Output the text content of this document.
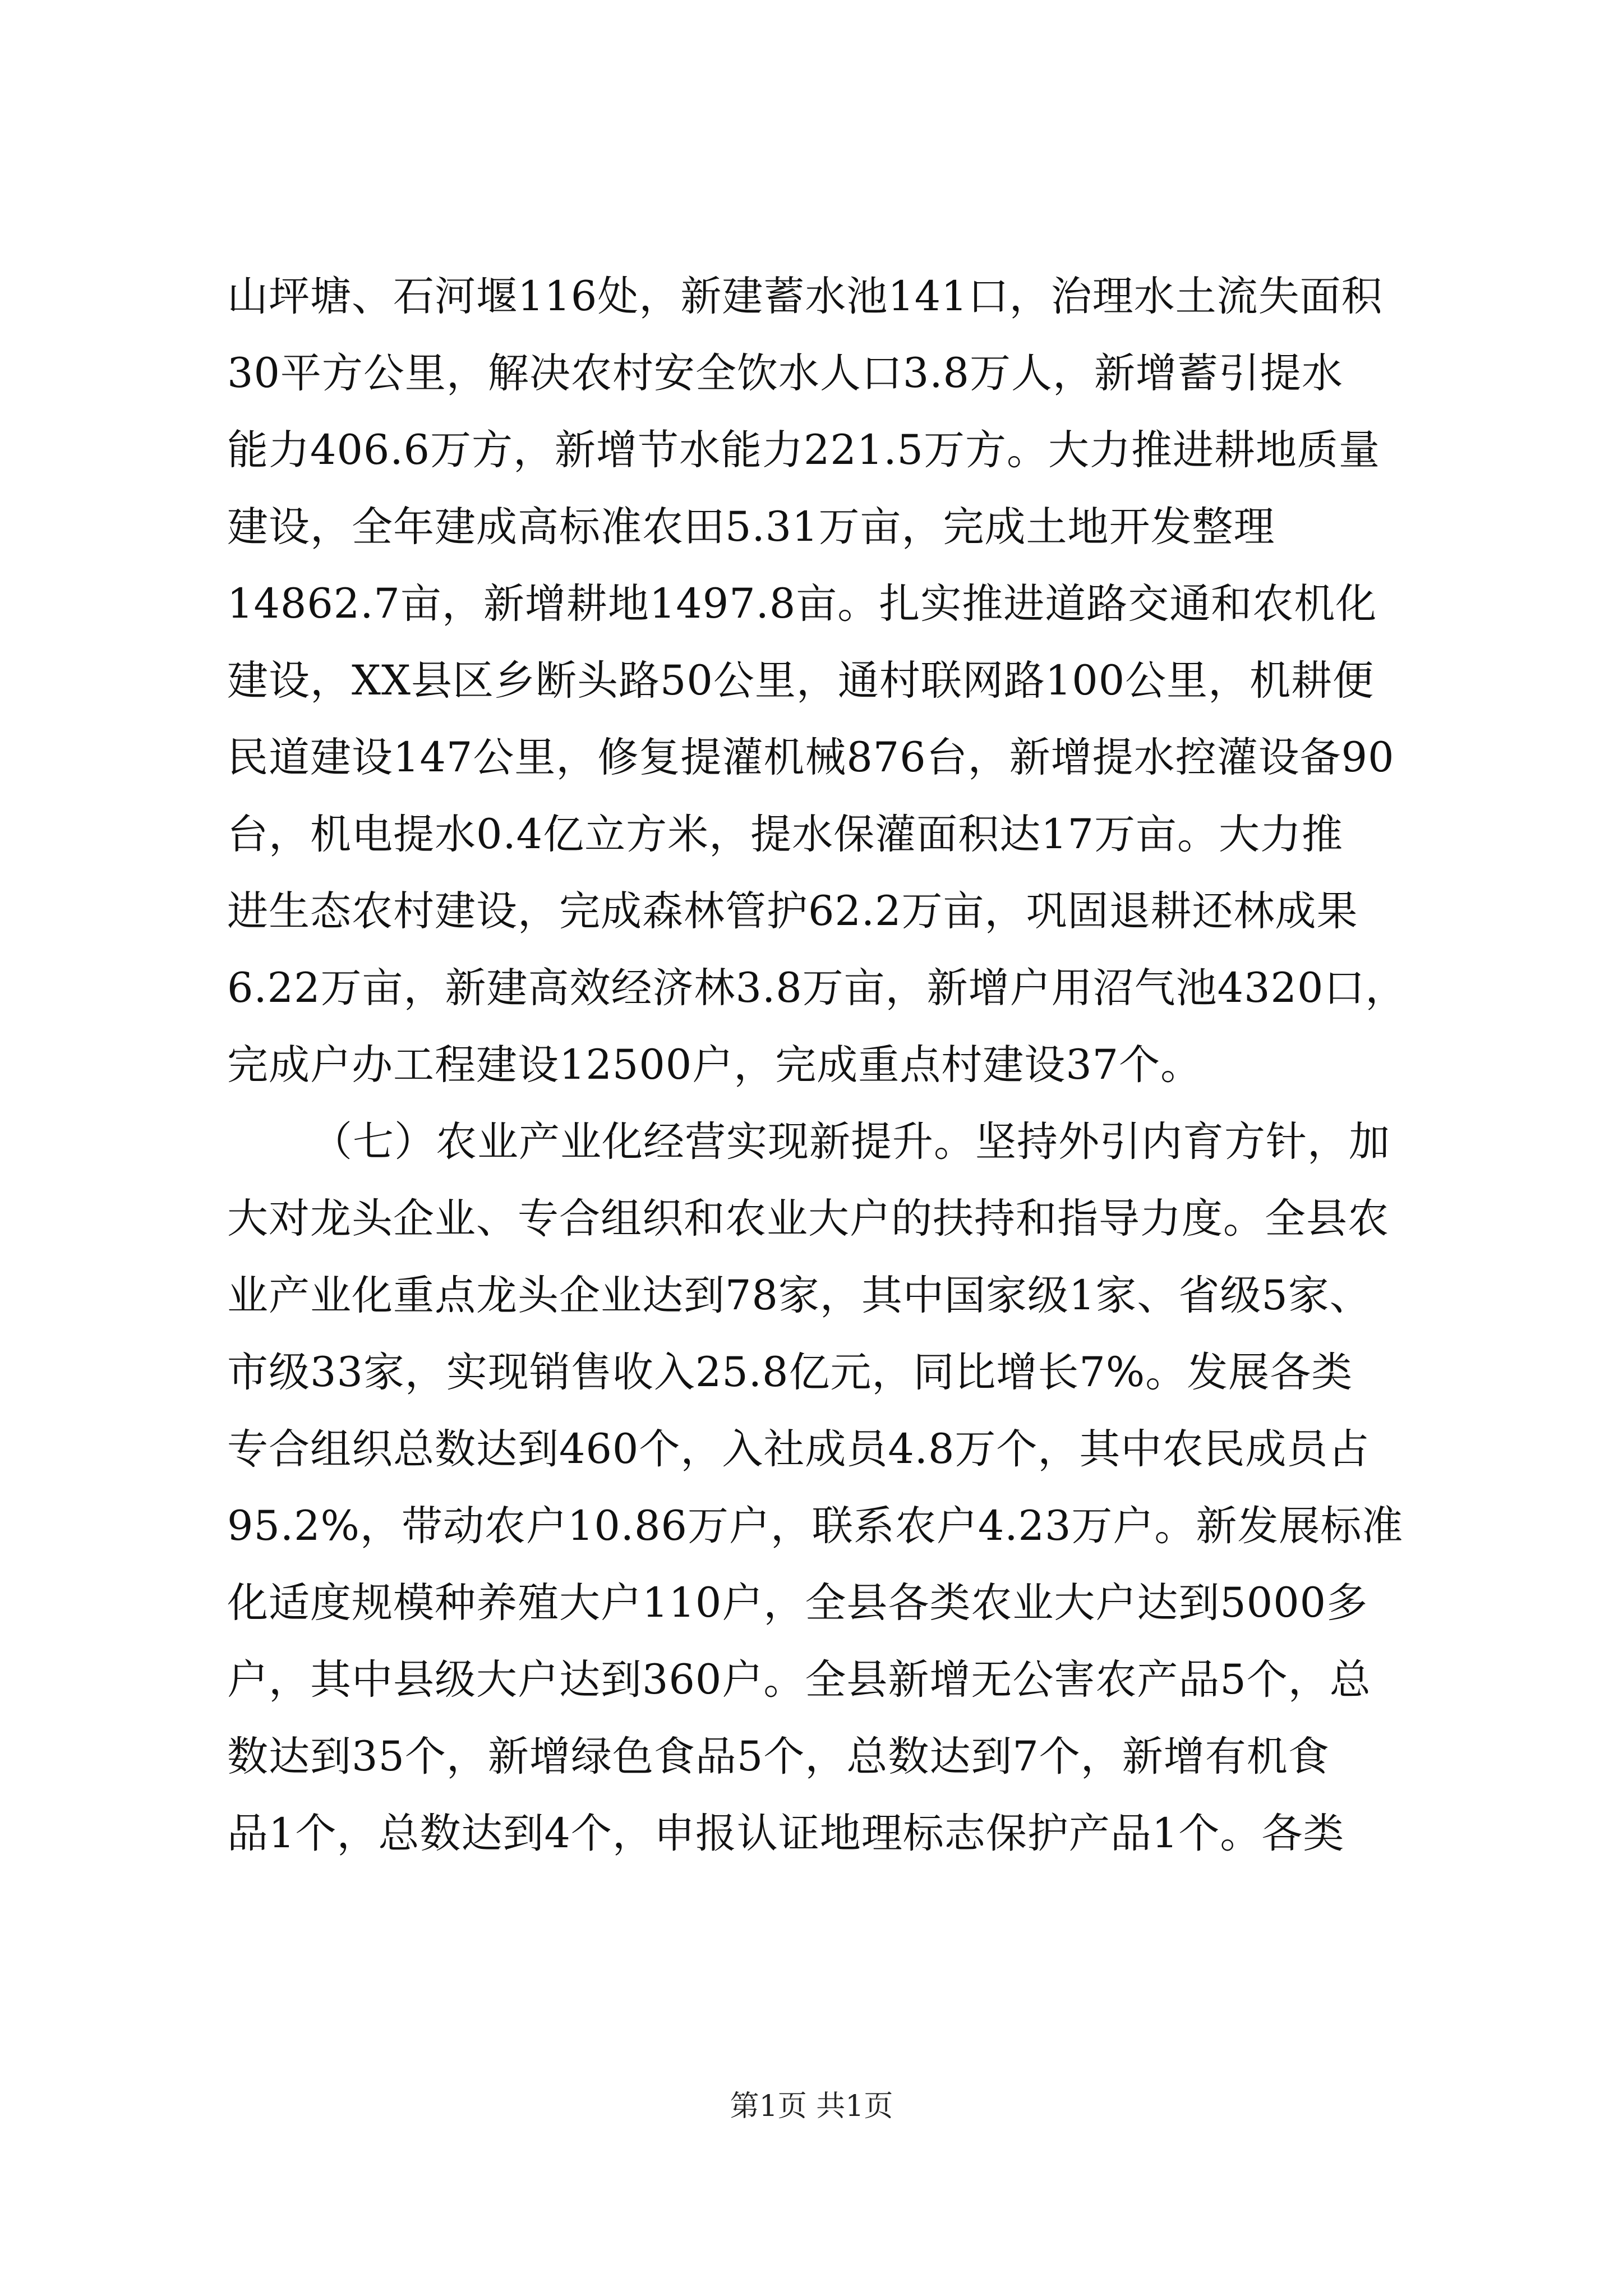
山坪塘、石河堰116处，新建蓄水池141口，治理水土流失面积
30平方公里，解决农村安全饮水人口3.8万人，新增蓄引提水
能力406.6万方，新增节水能力221.5万方。大力推进耕地质量
建设，全年建成高标准农田5.31万亩，完成土地开发整理
14862.7亩，新增耕地1497.8亩。扎实推进道路交通和农机化
建设，XX县区乡断头路50公里，通村联网路100公里，机耕便
民道建设147公里，修复提灌机械876台，新增提水控灌设备90
台，机电提水0.4亿立方米，提水保灌面积达17万亩。大力推
进生态农村建设，完成森林管护62.2万亩，巩固退耕还林成果
6.22万亩，新建高效经济林3.8万亩，新增户用沼气池4320口，
完成户办工程建设12500户，完成重点村建设37个。
（七）农业产业化经营实现新提升。坚持外引内育方针，加
大对龙头企业、专合组织和农业大户的扶持和指导力度。全县农
业产业化重点龙头企业达到78家，其中国家级1家、省级5家、
市级33家，实现销售收入25.8亿元，同比增长7%。发展各类
专合组织总数达到460个，入社成员4.8万个，其中农民成员占
95.2%，带动农户10.86万户，联系农户4.23万户。新发展标准
化适度规模种养殖大户110户，全县各类农业大户达到5000多
户，其中县级大户达到360户。全县新增无公害农产品5个，总
数达到35个，新增绿色食品5个，总数达到7个，新增有机食
品1个，总数达到4个，申报认证地理标志保护产品1个。各类
第1页 共1页
